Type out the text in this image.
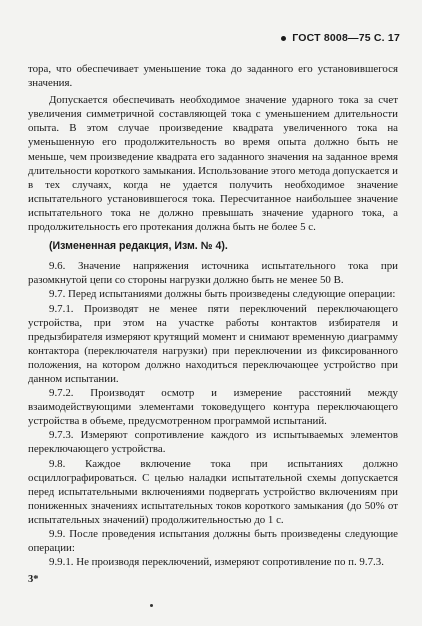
ГОСТ 8008—75 С. 17

тора, что обеспечивает уменьшение тока до заданного его установившегося значения.

Допускается обеспечивать необходимое значение ударного тока за счет увеличения симметричной составляющей тока с уменьшением длительности опыта. В этом случае произведение квадрата увеличенного тока на уменьшенную его продолжительность во время опыта должно быть не меньше, чем произведение квадрата его заданного значения на заданное время длительности короткого замыкания. Использование этого метода допускается и в тех случаях, когда не удается получить необходимое значение испытательного установившегося тока. Пересчитанное наибольшее значение испытательного тока не должно превышать значение ударного тока, а продолжительность его протекания должна быть не более 5 с.

(Измененная редакция, Изм. № 4).

9.6. Значение напряжения источника испытательного тока при разомкнутой цепи со стороны нагрузки должно быть не менее 50 В.

9.7. Перед испытаниями должны быть произведены следующие операции:

9.7.1. Производят не менее пяти переключений переключающего устройства, при этом на участке работы контактов избирателя и предызбирателя измеряют крутящий момент и снимают временную диаграмму контактора (переключателя нагрузки) при переключении из фиксированного положения, на котором должно находиться переключающее устройство при данном испытании.

9.7.2. Производят осмотр и измерение расстояний между взаимодействующими элементами токоведущего контура переключающего устройства в объеме, предусмотренном программой испытаний.

9.7.3. Измеряют сопротивление каждого из испытываемых элементов переключающего устройства.

9.8. Каждое включение тока при испытаниях должно осциллографироваться. С целью наладки испытательной схемы допускается перед испытательными включениями подвергать устройство включениям при пониженных значениях испытательных токов короткого замыкания (до 50% от испытательных значений) продолжительностью до 1 с.

9.9. После проведения испытания должны быть произведены следующие операции:

9.9.1. Не производя переключений, измеряют сопротивление по п. 9.7.3.

3*
